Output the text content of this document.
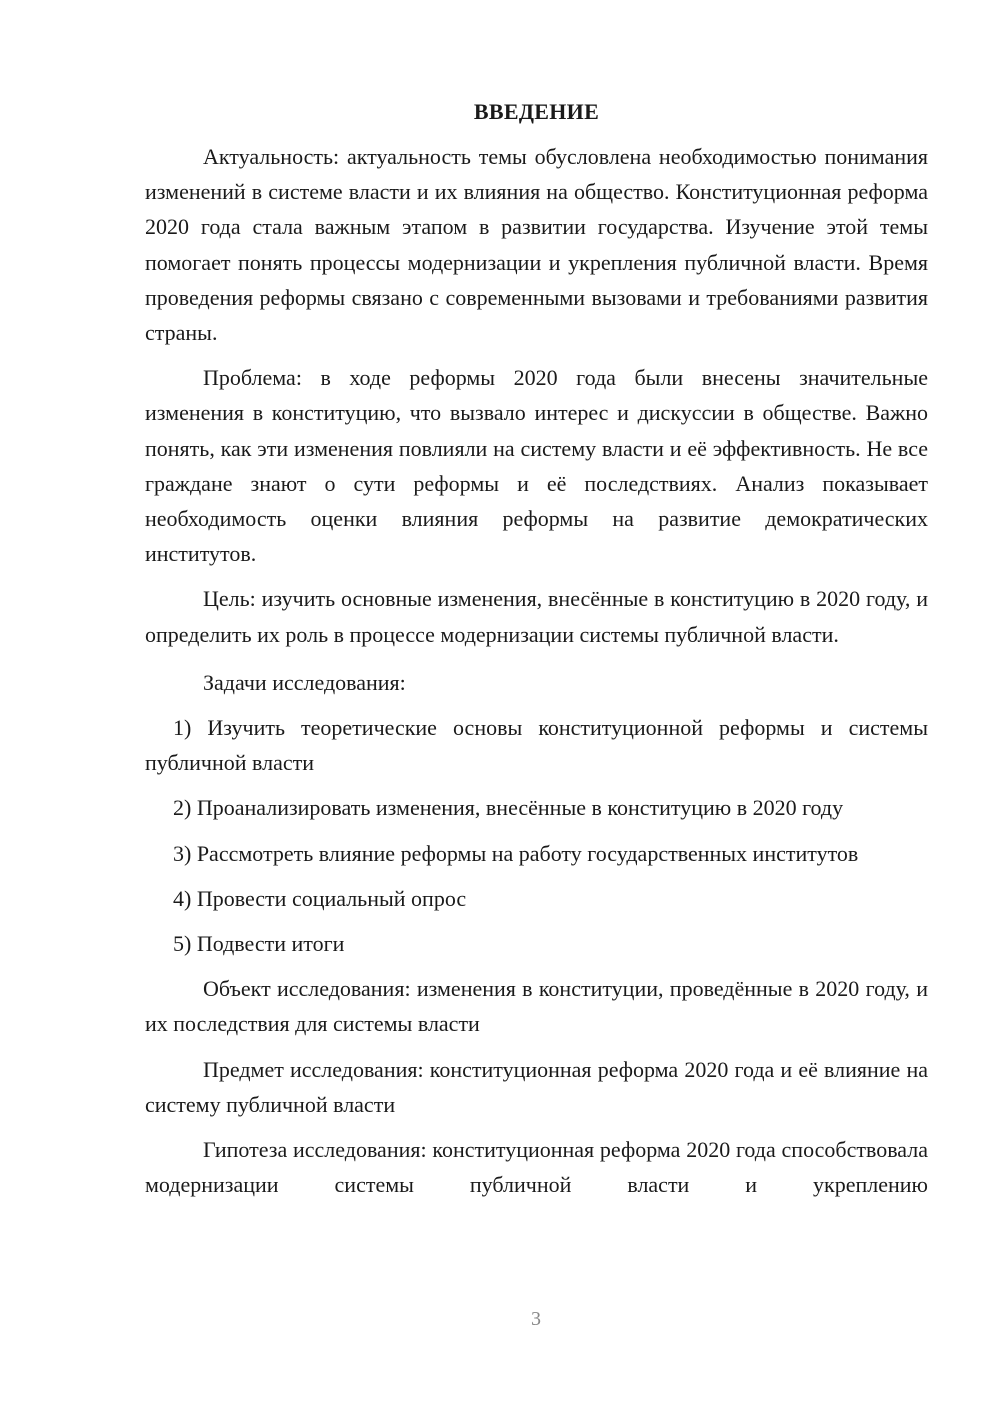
ВВЕДЕНИЕ

Актуальность: актуальность темы обусловлена необходимостью понимания изменений в системе власти и их влияния на общество. Конституционная реформа 2020 года стала важным этапом в развитии государства. Изучение этой темы помогает понять процессы модернизации и укрепления публичной власти. Время проведения реформы связано с современными вызовами и требованиями развития страны.

Проблема: в ходе реформы 2020 года были внесены значительные изменения в конституцию, что вызвало интерес и дискуссии в обществе. Важно понять, как эти изменения повлияли на систему власти и её эффективность. Не все граждане знают о сути реформы и её последствиях. Анализ показывает необходимость оценки влияния реформы на развитие демократических институтов.

Цель: изучить основные изменения, внесённые в конституцию в 2020 году, и определить их роль в процессе модернизации системы публичной власти.

Задачи исследования:

1) Изучить теоретические основы конституционной реформы и системы публичной власти

2) Проанализировать изменения, внесённые в конституцию в 2020 году

3) Рассмотреть влияние реформы на работу государственных институтов

4) Провести социальный опрос

5) Подвести итоги

Объект исследования: изменения в конституции, проведённые в 2020 году, и их последствия для системы власти

Предмет исследования: конституционная реформа 2020 года и её влияние на систему публичной власти

Гипотеза исследования: конституционная реформа 2020 года способствовала модернизации системы публичной власти и укреплению

3
